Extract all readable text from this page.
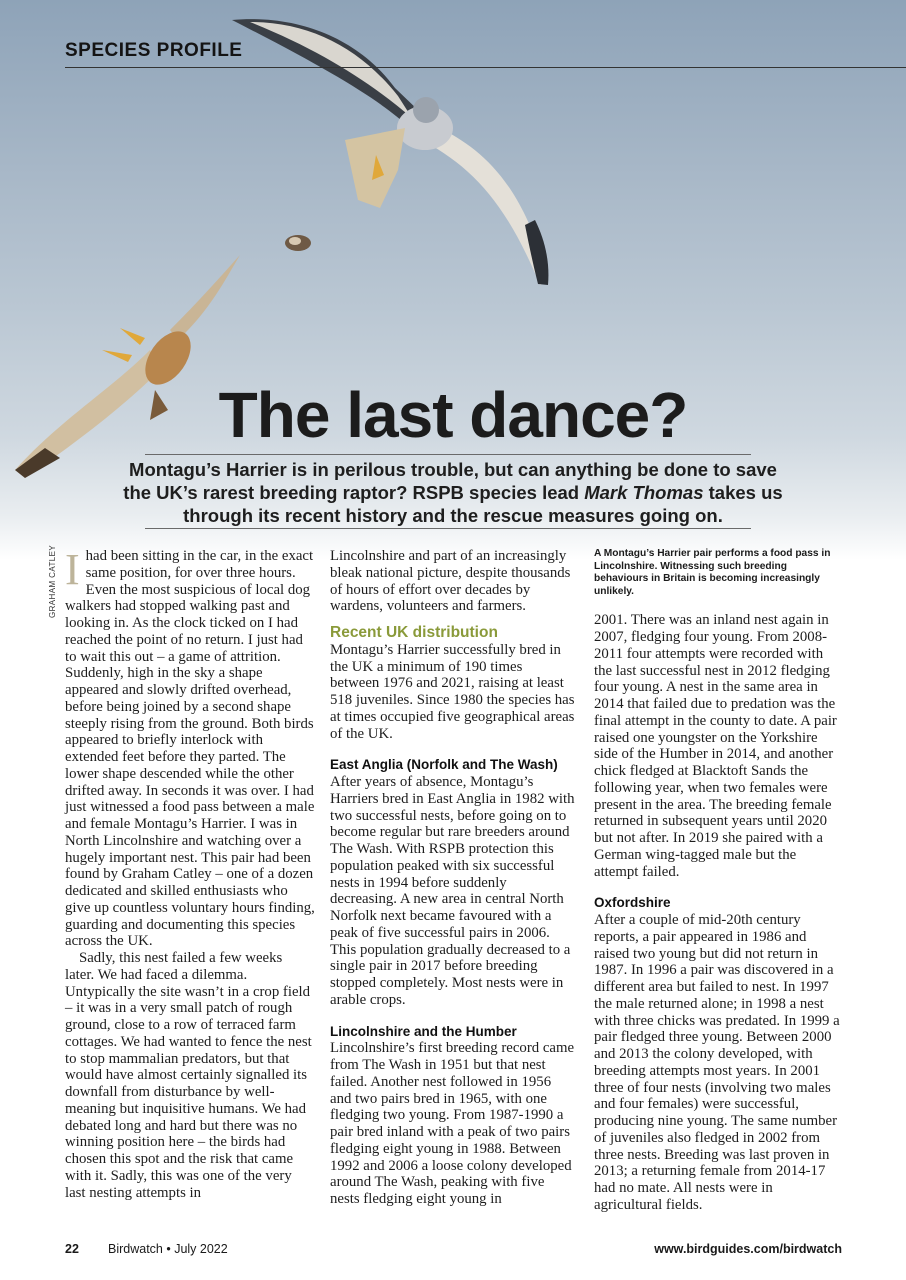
SPECIES PROFILE
The last dance?
Montagu’s Harrier is in perilous trouble, but can anything be done to save the UK’s rarest breeding raptor? RSPB species lead Mark Thomas takes us through its recent history and the rescue measures going on.
GRAHAM CATLEY Ihad been sitting in the car, in the exact same position, for over three hours. Even the most suspicious of local dog walkers had stopped walking past and looking in. As the clock ticked on I had reached the point of no return. I just had to wait this out – a game of attrition. Suddenly, high in the sky a shape appeared and slowly drifted overhead, before being joined by a second shape steeply rising from the ground. Both birds appeared to briefly interlock with extended feet before they parted. The lower shape descended while the other drifted away. In seconds it was over. I had just witnessed a food pass between a male and female Montagu’s Harrier. I was in North Lincolnshire and watching over a hugely important nest. This pair had been found by Graham Catley – one of a dozen dedicated and skilled enthusiasts who give up countless voluntary hours finding, guarding and documenting this species across the UK.

Sadly, this nest failed a few weeks later. We had faced a dilemma. Untypically the site wasn’t in a crop field – it was in a very small patch of rough ground, close to a row of terraced farm cottages. We had wanted to fence the nest to stop mammalian predators, but that would have almost certainly signalled its downfall from disturbance by well-meaning but inquisitive humans. We had debated long and hard but there was no winning position here – the birds had chosen this spot and the risk that came with it. Sadly, this was one of the very last nesting attempts in

Lincolnshire and part of an increasingly bleak national picture, despite thousands of hours of effort over decades by wardens, volunteers and farmers.

Recent UK distribution

Montagu’s Harrier successfully bred in the UK a minimum of 190 times between 1976 and 2021, raising at least 518 juveniles. Since 1980 the species has at times occupied five geographical areas of the UK.

East Anglia (Norfolk and The Wash)

After years of absence, Montagu’s Harriers bred in East Anglia in 1982 with two successful nests, before going on to become regular but rare breeders around The Wash. With RSPB protection this population peaked with six successful nests in 1994 before suddenly decreasing. A new area in central North Norfolk next became favoured with a peak of five successful pairs in 2006. This population gradually decreased to a single pair in 2017 before breeding stopped completely. Most nests were in arable crops.

Lincolnshire and the Humber

Lincolnshire’s first breeding record came from The Wash in 1951 but that nest failed. Another nest followed in 1956 and two pairs bred in 1965, with one fledging two young. From 1987-1990 a pair bred inland with a peak of two pairs fledging eight young in 1988. Between 1992 and 2006 a loose colony developed around The Wash, peaking with five nests fledging eight young in

A Montagu’s Harrier pair performs a food pass in Lincolnshire. Witnessing such breeding behaviours in Britain is becoming increasingly unlikely.

2001. There was an inland nest again in 2007, fledging four young. From 2008-2011 four attempts were recorded with the last successful nest in 2012 fledging four young. A nest in the same area in 2014 that failed due to predation was the final attempt in the county to date. A pair raised one youngster on the Yorkshire side of the Humber in 2014, and another chick fledged at Blacktoft Sands the following year, when two females were present in the area. The breeding female returned in subsequent years until 2020 but not after. In 2019 she paired with a German wing-tagged male but the attempt failed.

Oxfordshire

After a couple of mid-20th century reports, a pair appeared in 1986 and raised two young but did not return in 1987. In 1996 a pair was discovered in a different area but failed to nest. In 1997 the male returned alone; in 1998 a nest with three chicks was predated. In 1999 a pair fledged three young. Between 2000 and 2013 the colony developed, with breeding attempts most years. In 2001 three of four nests (involving two males and four females) were successful, producing nine young. The same number of juveniles also fledged in 2002 from three nests. Breeding was last proven in 2013; a returning female from 2014-17 had no mate. All nests were in agricultural fields.

22 Birdwatch • July 2022	www.birdguides.com/birdwatch
